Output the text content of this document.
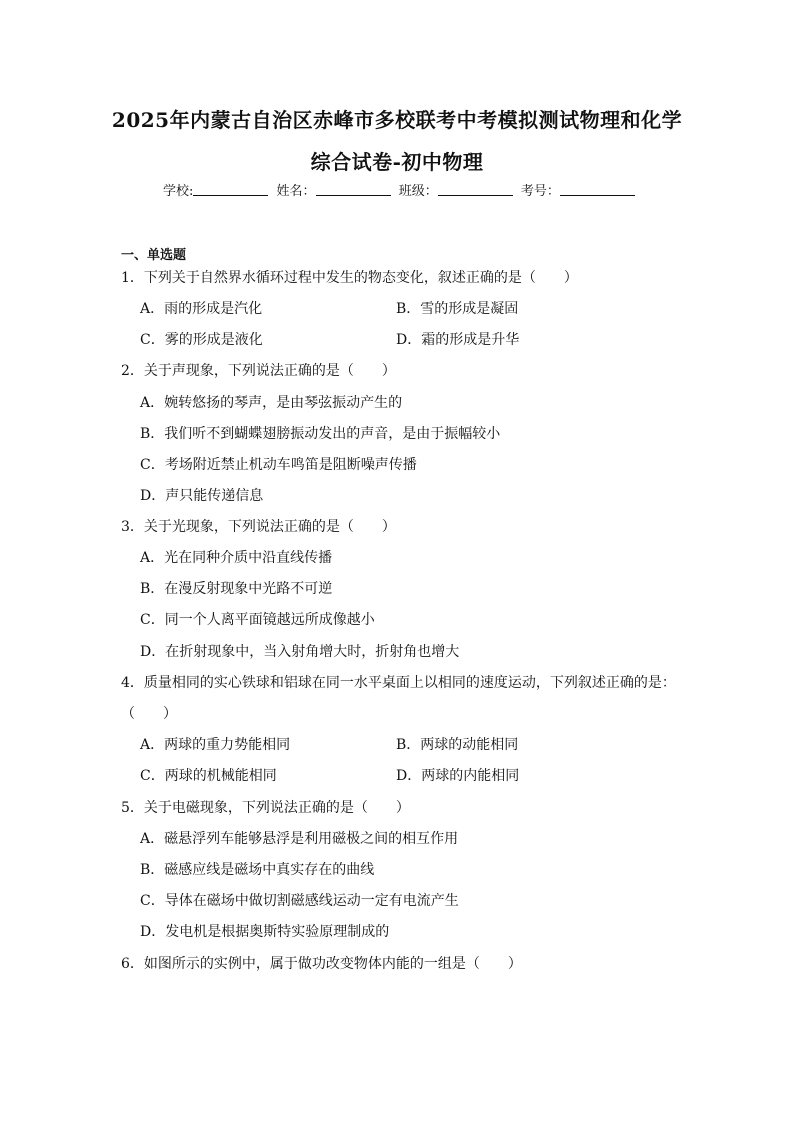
2025年内蒙古自治区赤峰市多校联考中考模拟测试物理和化学
综合试卷-初中物理
学校:	姓名：	班级：	考号：
一、单选题
1．下列关于自然界水循环过程中发生的物态变化，叙述正确的是（　　）
A．雨的形成是汽化	B．雪的形成是凝固
C．雾的形成是液化	D．霜的形成是升华
2．关于声现象，下列说法正确的是（　　）
A．婉转悠扬的琴声，是由琴弦振动产生的
B．我们听不到蝴蝶翅膀振动发出的声音，是由于振幅较小
C．考场附近禁止机动车鸣笛是阻断噪声传播
D．声只能传递信息
3．关于光现象，下列说法正确的是（　　）
A．光在同种介质中沿直线传播
B．在漫反射现象中光路不可逆
C．同一个人离平面镜越远所成像越小
D．在折射现象中，当入射角增大时，折射角也增大
4．质量相同的实心铁球和铝球在同一水平桌面上以相同的速度运动，下列叙述正确的是：
（　　）
A．两球的重力势能相同	B．两球的动能相同
C．两球的机械能相同	D．两球的内能相同
5．关于电磁现象，下列说法正确的是（　　）
A．磁悬浮列车能够悬浮是利用磁极之间的相互作用
B．磁感应线是磁场中真实存在的曲线
C．导体在磁场中做切割磁感线运动一定有电流产生
D．发电机是根据奥斯特实验原理制成的
6．如图所示的实例中，属于做功改变物体内能的一组是（　　）
